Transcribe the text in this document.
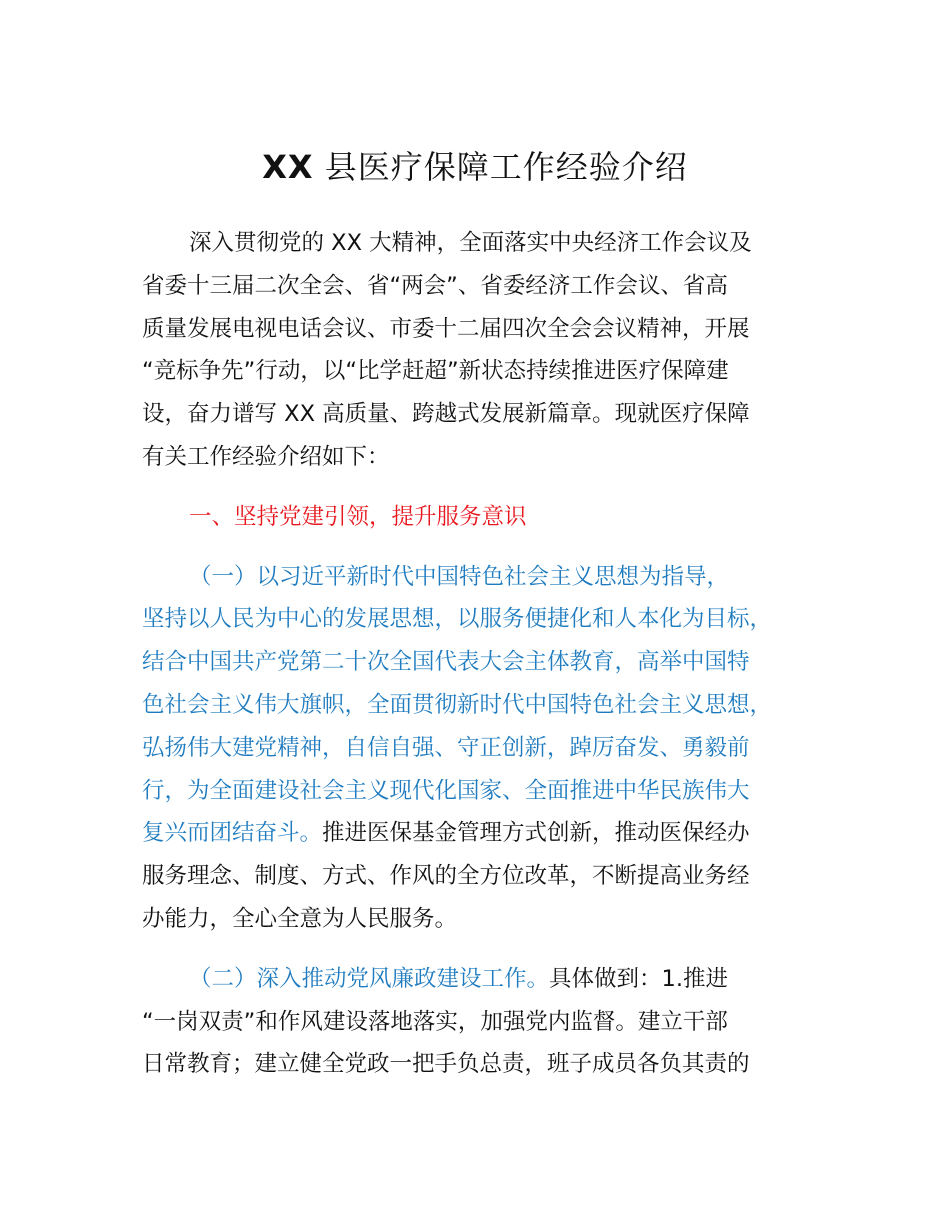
XX 县医疗保障工作经验介绍
深入贯彻党的 XX 大精神，全面落实中央经济工作会议及
省委十三届二次全会、省“两会”、省委经济工作会议、省高
质量发展电视电话会议、市委十二届四次全会会议精神，开展
“竞标争先”行动，以“比学赶超”新状态持续推进医疗保障建
设，奋力谱写 XX 高质量、跨越式发展新篇章。现就医疗保障
有关工作经验介绍如下：
一、坚持党建引领，提升服务意识
（一）以习近平新时代中国特色社会主义思想为指导，
坚持以人民为中心的发展思想，以服务便捷化和人本化为目标，
结合中国共产党第二十次全国代表大会主体教育，高举中国特
色社会主义伟大旗帜，全面贯彻新时代中国特色社会主义思想，
弘扬伟大建党精神，自信自强、守正创新，踔厉奋发、勇毅前
行，为全面建设社会主义现代化国家、全面推进中华民族伟大
复兴而团结奋斗。推进医保基金管理方式创新，推动医保经办
服务理念、制度、方式、作风的全方位改革，不断提高业务经
办能力，全心全意为人民服务。
（二）深入推动党风廉政建设工作。具体做到：1.推进
“一岗双责”和作风建设落地落实，加强党内监督。建立干部
日常教育；建立健全党政一把手负总责，班子成员各负其责的
